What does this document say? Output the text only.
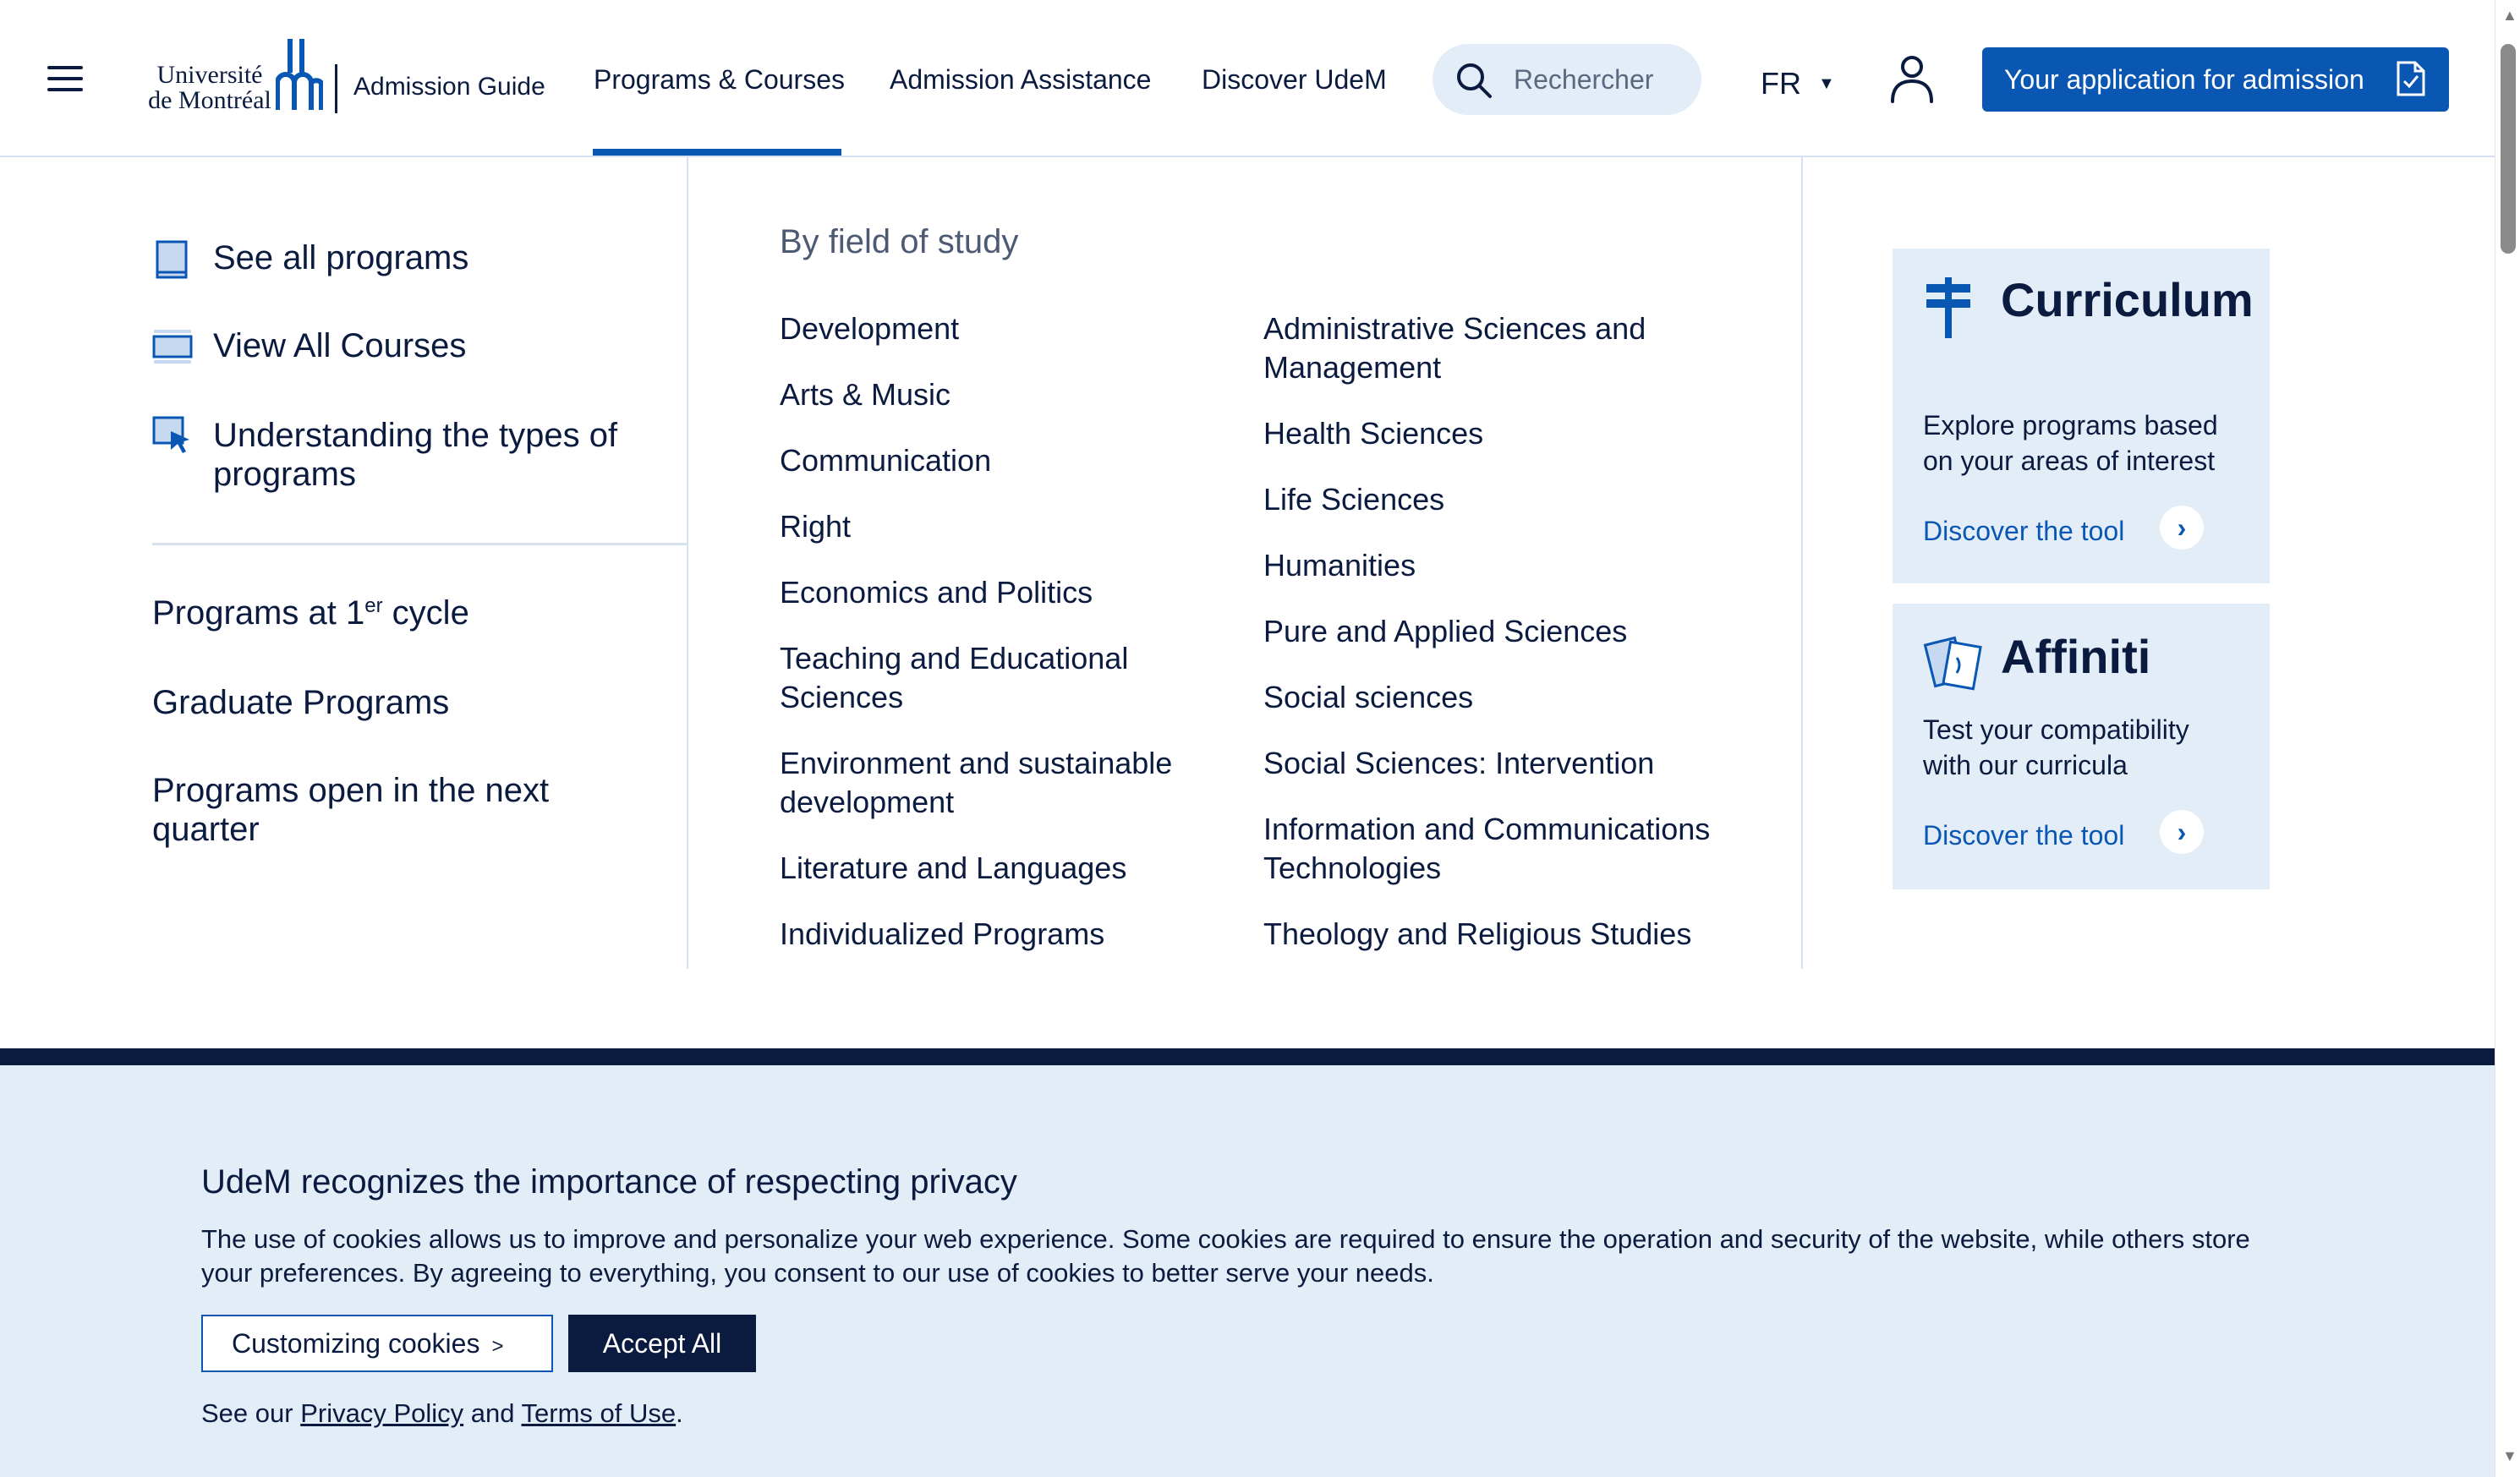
Université
de Montréal	Admission Guide Programs & Courses Admission Assistance Discover UdeM
Rechercher	FR ▼	Your application for admission
See all programs
View All Courses
Understanding the types of programs
Programs at 1er cycle
Graduate Programs
Programs open in the next quarter
By field of study
Development
Arts & Music
Communication
Right
Economics and Politics
Teaching and Educational Sciences
Environment and sustainable development
Literature and Languages
Individualized Programs
Administrative Sciences and Management
Health Sciences
Life Sciences
Humanities
Pure and Applied Sciences
Social sciences
Social Sciences: Intervention
Information and Communications Technologies
Theology and Religious Studies
Curriculum
Explore programs based on your areas of interest
Discover the tool	›
Affiniti
Test your compatibility with our curricula
Discover the tool	›
UdeM recognizes the importance of respecting privacy
The use of cookies allows us to improve and personalize your web experience. Some cookies are required to ensure the operation and security of the website, while others store your preferences. By agreeing to everything, you consent to our use of cookies to better serve your needs.
Customizing cookies >	Accept All
See our Privacy Policy and Terms of Use.
▲
▼
